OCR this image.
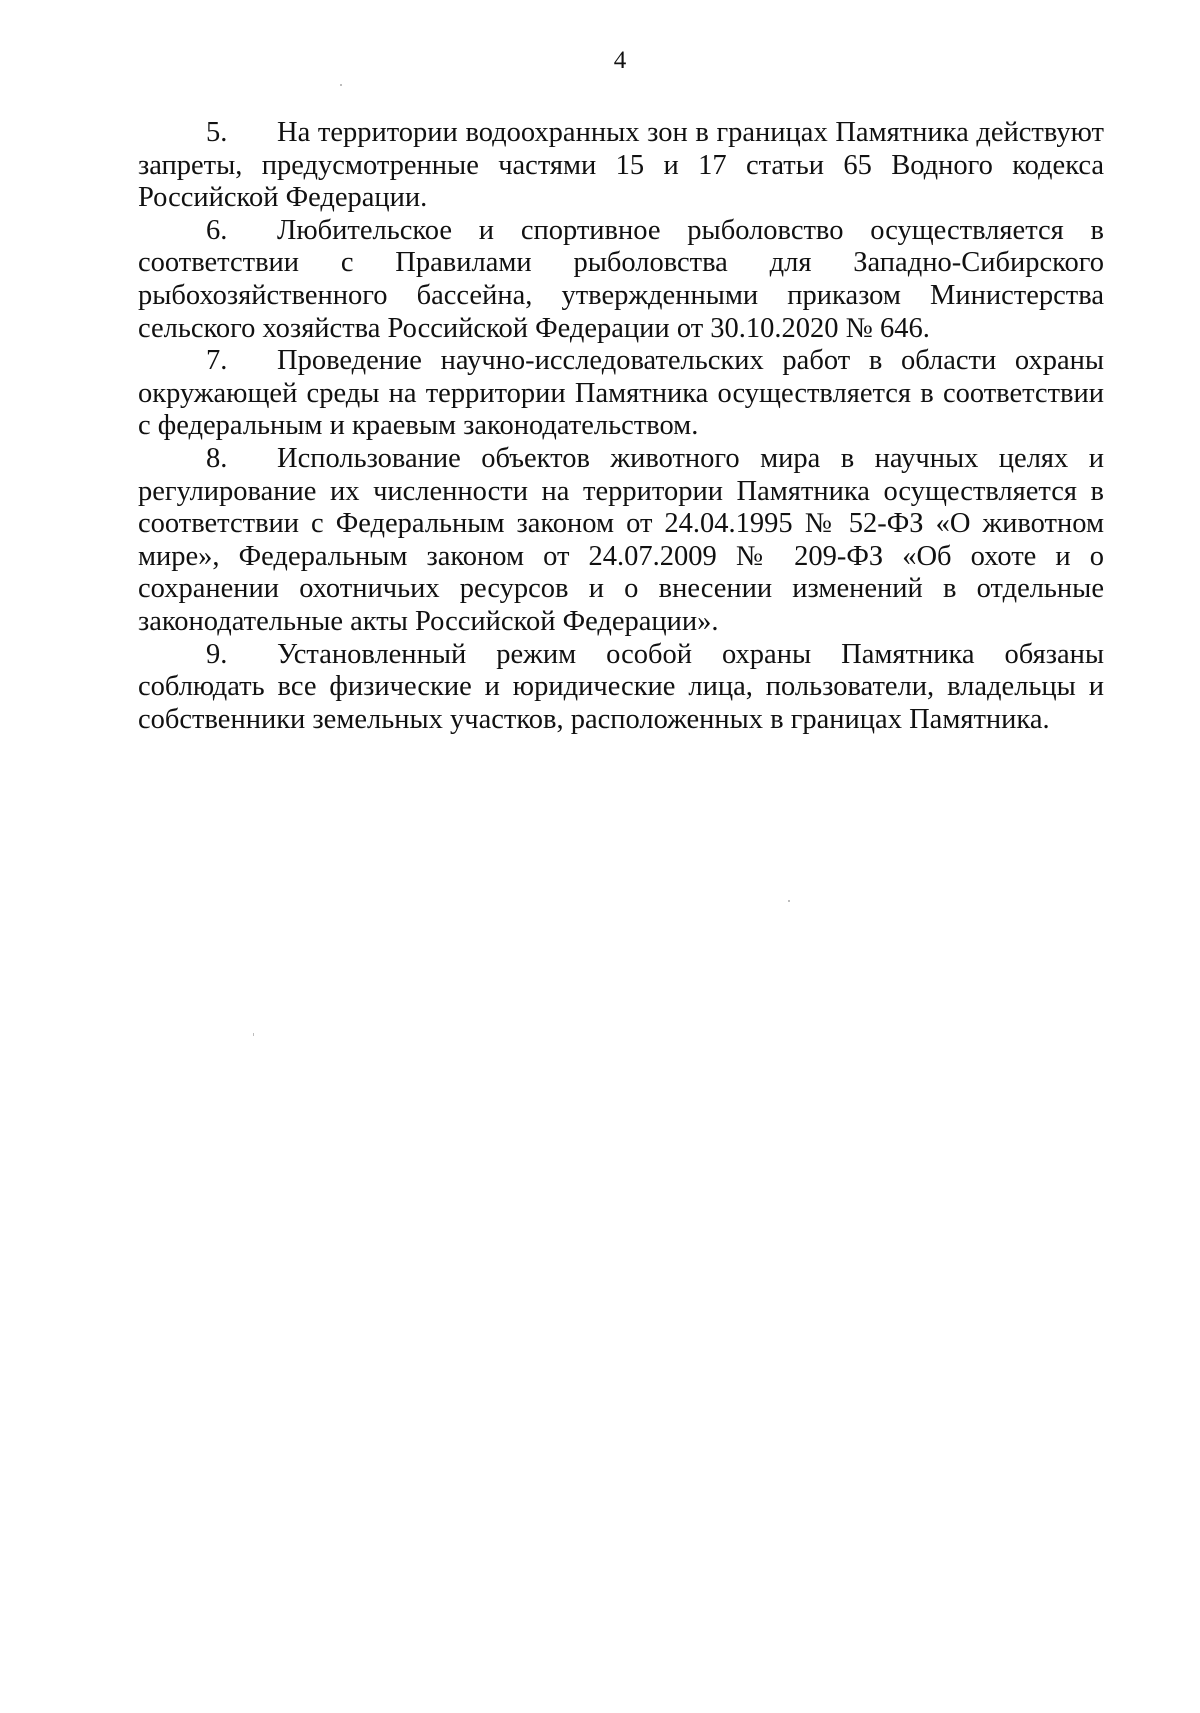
4

5. На территории водоохранных зон в границах Памятника действуют запреты, предусмотренные частями 15 и 17 статьи 65 Водного кодекса Российской Федерации.

6. Любительское и спортивное рыболовство осуществляется в соответствии с Правилами рыболовства для Западно-Сибирского рыбохозяйственного бассейна, утвержденными приказом Министерства сельского хозяйства Российской Федерации от 30.10.2020 № 646.

7. Проведение научно-исследовательских работ в области охраны окружающей среды на территории Памятника осуществляется в соответствии с федеральным и краевым законодательством.

8. Использование объектов животного мира в научных целях и регулирование их численности на территории Памятника осуществляется в соответствии с Федеральным законом от 24.04.1995 № 52-ФЗ «О животном мире», Федеральным законом от 24.07.2009 № 209-ФЗ «Об охоте и о сохранении охотничьих ресурсов и о внесении изменений в отдельные законодательные акты Российской Федерации».

9. Установленный режим особой охраны Памятника обязаны соблюдать все физические и юридические лица, пользователи, владельцы и собственники земельных участков, расположенных в границах Памятника.
